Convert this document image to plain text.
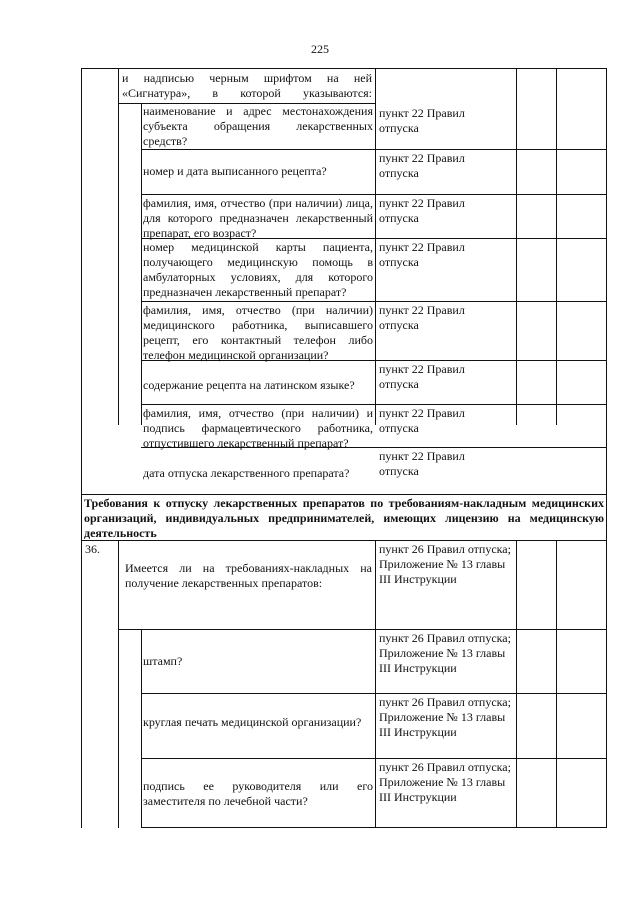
225
и надписью черным шрифтом на ней «Сигнатура», в которой указываются:
наименование и адрес местонахождения субъекта обращения лекарственных средств?
пункт 22 Правил отпуска
номер и дата выписанного рецепта?
пункт 22 Правил отпуска
фамилия, имя, отчество (при наличии) лица, для которого предназначен лекарственный препарат, его возраст?
пункт 22 Правил отпуска
номер медицинской карты пациента, получающего медицинскую помощь в амбулаторных условиях, для которого предназначен лекарственный препарат?
пункт 22 Правил отпуска
фамилия, имя, отчество (при наличии) медицинского работника, выписавшего рецепт, его контактный телефон либо телефон медицинской организации?
пункт 22 Правил отпуска
содержание рецепта на латинском языке?
пункт 22 Правил отпуска
фамилия, имя, отчество (при наличии) и подпись фармацевтического работника, отпустившего лекарственный препарат?
пункт 22 Правил отпуска
дата отпуска лекарственного препарата?
пункт 22 Правил отпуска
Требования к отпуску лекарственных препаратов по требованиям-накладным медицинских организаций, индивидуальных предпринимателей, имеющих лицензию на медицинскую деятельность
36.
Имеется ли на требованиях-накладных на получение лекарственных препаратов:
пункт 26 Правил отпуска; Приложение № 13 главы III Инструкции
штамп?
пункт 26 Правил отпуска; Приложение № 13 главы III Инструкции
круглая печать медицинской организации?
пункт 26 Правил отпуска; Приложение № 13 главы III Инструкции
подпись ее руководителя или его заместителя по лечебной части?
пункт 26 Правил отпуска; Приложение № 13 главы III Инструкции
